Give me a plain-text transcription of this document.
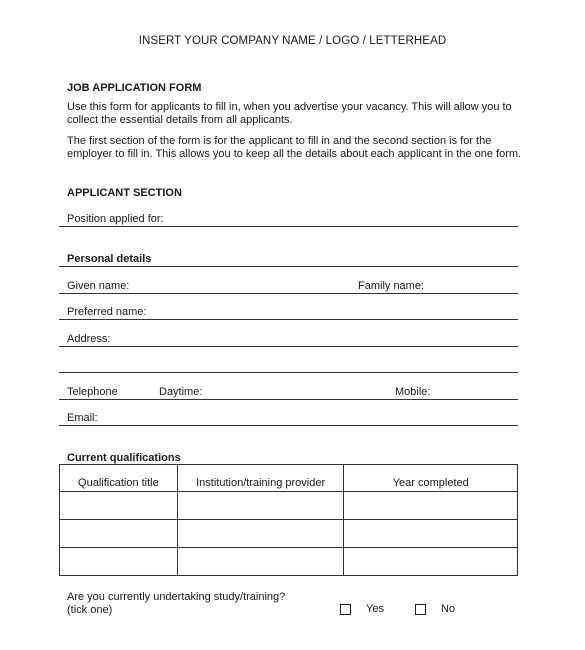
INSERT YOUR COMPANY NAME / LOGO / LETTERHEAD
JOB APPLICATION FORM
Use this form for applicants to fill in, when you advertise your vacancy. This will allow you to
collect the essential details from all applicants.
The first section of the form is for the applicant to fill in and the second section is for the
employer to fill in. This allows you to keep all the details about each applicant in the one form.
APPLICANT SECTION
Position applied for:
Personal details
Given name:	Family name:
Preferred name:
Address:
Telephone	Daytime:	Mobile:
Email:
Current qualifications
Qualification title	Institution/training provider	Year completed

Are you currently undertaking study/training?
(tick one)	Yes	No
